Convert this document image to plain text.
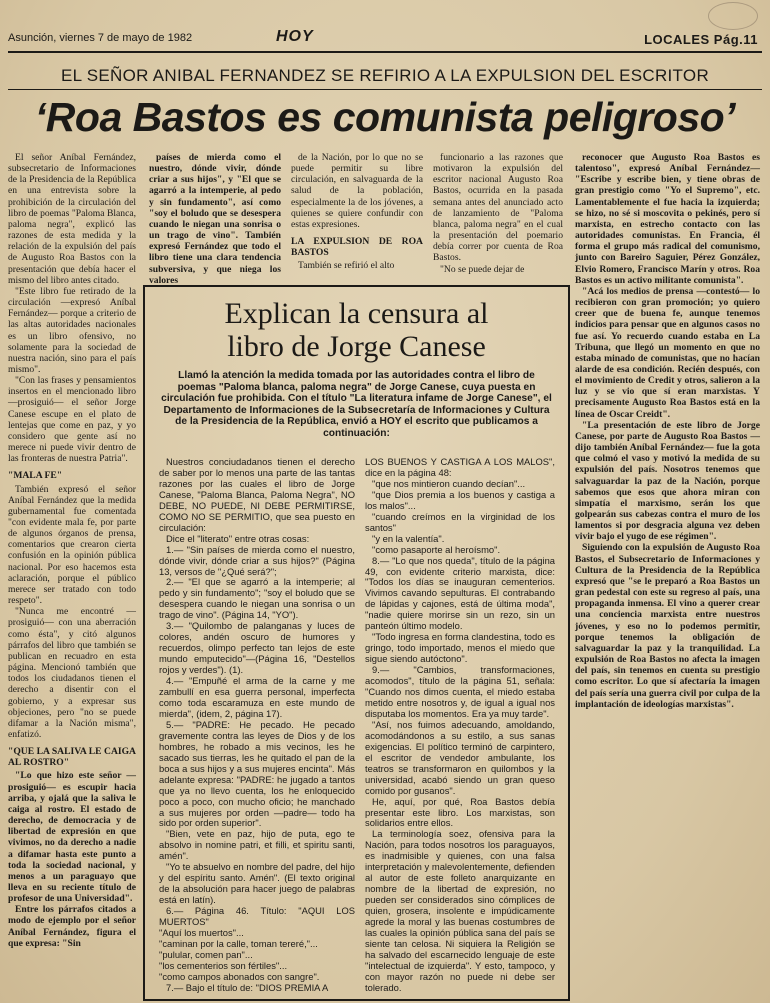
Asunción, viernes 7 de mayo de 1982	HOY	LOCALES Pág.11
EL SEÑOR ANIBAL FERNANDEZ SE REFIRIO A LA EXPULSION DEL ESCRITOR
‘Roa Bastos es comunista peligroso’

El señor Aníbal Fernández, subsecretario de Informaciones de la Presidencia de la República en una entrevista sobre la prohibición de la circulación del libro de poemas "Paloma Blanca, paloma negra", explicó las razones de esta medida y la relación de la expulsión del país de Augusto Roa Bastos con la presentación que debía hacer el mismo del libro antes citado.

"Este libro fue retirado de la circulación —expresó Aníbal Fernández— porque a criterio de las altas autoridades nacionales es un libro ofensivo, no solamente para la sociedad de nuestra nación, sino para el país mismo".

"Con las frases y pensamientos insertos en el mencionado libro —prosiguió— el señor Jorge Canese escupe en el plato de lentejas que come en paz, y yo considero que gente así no merece ni puede vivir dentro de las fronteras de nuestra Patria".

"MALA FE"

También expresó el señor Aníbal Fernández que la medida gubernamental fue comentada "con evidente mala fe, por parte de algunos órganos de prensa, comentarios que crearon cierta confusión en la opinión pública nacional. Por eso hacemos esta aclaración, porque el público merece ser tratado con todo respeto".

"Nunca me encontré —prosiguió— con una aberración como ésta", y citó algunos párrafos del libro que también se publican en recuadro en esta página. Mencionó también que todos los ciudadanos tienen el derecho a disentir con el gobierno, y a expresar sus objeciones, pero "no se puede difamar a la Nación misma", enfatizó.

"QUE LA SALIVA LE CAIGA AL ROSTRO"

"Lo que hizo este señor —prosiguió— es escupir hacia arriba, y ojalá que la saliva le caiga al rostro. El estado de derecho, de democracia y de libertad de expresión en que vivimos, no da derecho a nadie a difamar hasta este punto a toda la sociedad nacional, y menos a un paraguayo que lleva en su reciente título de profesor de una Universidad".

Entre los párrafos citados a modo de ejemplo por el señor Aníbal Fernández, figura el que expresa: "Sin

países de mierda como el nuestro, dónde vivir, dónde criar a sus hijos", y "El que se agarró a la intemperie, al pedo y sin fundamento", así como "soy el boludo que se desespera cuando le niegan una sonrisa o un trago de vino". También expresó Fernández que todo el libro tiene una clara tendencia subversiva, y que niega los valores

de la Nación, por lo que no se puede permitir su libre circulación, en salvaguarda de la salud de la población, especialmente la de los jóvenes, a quienes se quiere confundir con estas expresiones.

LA EXPULSION DE ROA BASTOS

También se refirió el alto

funcionario a las razones que motivaron la expulsión del escritor nacional Augusto Roa Bastos, ocurrida en la pasada semana antes del anunciado acto de lanzamiento de "Paloma blanca, paloma negra" en el cual la presentación del poemario debía correr por cuenta de Roa Bastos.

"No se puede dejar de

reconocer que Augusto Roa Bastos es talentoso", expresó Aníbal Fernández— "Escribe y escribe bien, y tiene obras de gran prestigio como "Yo el Supremo", etc. Lamentablemente el fue hacia la izquierda; se hizo, no sé si moscovita o pekinés, pero sí marxista, en estrecho contacto con las autoridades comunistas. En Francia, él forma el grupo más radical del comunismo, junto con Bareiro Saguier, Pérez González, Elvio Romero, Francisco Marín y otros. Roa Bastos es un activo militante comunista".

"Acá los medios de prensa —contestó— lo recibieron con gran promoción; yo quiero creer que de buena fe, aunque tenemos indicios para pensar que en algunos casos no fue así. Yo recuerdo cuando estaba en La Tribuna, que llegó un momento en que no estaba minado de comunistas, que no hacían alarde de esa condición. Recién después, con el movimiento de Credit y otros, salieron a la luz y se vio que sí eran marxistas. Y precisamente Augusto Roa Bastos está en la línea de Oscar Creidt".

"La presentación de este libro de Jorge Canese, por parte de Augusto Roa Bastos —dijo también Aníbal Fernández— fue la gota que colmó el vaso y motivó la medida de su expulsión del país. Nosotros tenemos que salvaguardar la paz de la Nación, porque sabemos que esos que ahora miran con simpatía el marxismo, serán los que golpearán sus cabezas contra el muro de los lamentos si por desgracia alguna vez deben vivir bajo el yugo de ese régimen".

Siguiendo con la expulsión de Augusto Roa Bastos, el Subsecretario de Informaciones y Cultura de la Presidencia de la República expresó que "se le preparó a Roa Bastos un gran pedestal con este su regreso al país, una propaganda inmensa. El vino a querer crear una conciencia marxista entre nuestros jóvenes, y eso no lo podemos permitir, porque tenemos la obligación de salvaguardar la paz y la tranquilidad. La expulsión de Roa Bastos no afecta la imagen del país, sin tenemos en cuenta su prestigio como escritor. Lo que sí afectaría la imagen del país sería una guerra civil por culpa de la implantación de ideologías marxistas".

Explican la censura al
libro de Jorge Canese
Llamó la atención la medida tomada por las autoridades contra el libro de poemas "Paloma blanca, paloma negra" de Jorge Canese, cuya puesta en circulación fue prohibida. Con el título "La literatura infame de Jorge Canese", el Departamento de Informaciones de la Subsecretaría de Informaciones y Cultura de la Presidencia de la República, envió a HOY el escrito que publicamos a continuación:

Nuestros conciudadanos tienen el derecho de saber por lo menos una parte de las tantas razones por las cuales el libro de Jorge Canese, "Paloma Blanca, Paloma Negra", NO DEBE, NO PUEDE, NI DEBE PERMITIRSE, COMO NO SE PERMITIO, que sea puesto en circulación:

Dice el "literato" entre otras cosas:

1.— "Sin países de mierda como el nuestro, dónde vivir, dónde criar a sus hijos?" (Página 13, versos de "¿Qué será?";

2.— "El que se agarró a la intemperie; al pedo y sin fundamento"; "soy el boludo que se desespera cuando le niegan una sonrisa o un trago de vino". (Página 14, "YO").

3.— "Quilombo de palanganas y luces de colores, andén oscuro de humores y recuerdos, olimpo perfecto tan lejos de este mundo emputecido"—(Página 16, "Destellos rojos y verdes"). (1).

4.— "Empuñé el arma de la carne y me zambullí en esa guerra personal, imperfecta como toda escaramuza en este mundo de mierda", (idem, 2, página 17).

5.— "PADRE: He pecado. He pecado gravemente contra las leyes de Dios y de los hombres, he robado a mis vecinos, les he sacado sus tierras, les he quitado el pan de la boca a sus hijos y a sus mujeres encinta". Más adelante expresa: "PADRE: he jugado a tantos que ya no llevo cuenta, los he enloquecido poco a poco, con mucho oficio; he manchado a sus mujeres por orden —padre— todo ha sido por orden superior".

"Bien, vete en paz, hijo de puta, ego te absolvo in nomine patri, et filli, et spiritu santi, amén".

"Yo te absuelvo en nombre del padre, del hijo y del espíritu santo. Amén". (El texto original de la absolución para hacer juego de palabras está en latín).

6.— Página 46. Título: "AQUI LOS MUERTOS"

"Aquí los muertos"...

"caminan por la calle, toman tereré,"...

"pulular, comen pan"...

"los cementerios son fértiles"...

"como campos abonados con sangre".

7.— Bajo el título de: "DIOS PREMIA A

LOS BUENOS Y CASTIGA A LOS MALOS", dice en la página 48:

"que nos mintieron cuando decían"...

"que Dios premia a los buenos y castiga a los malos"...

"cuando creímos en la virginidad de los santos"

"y en la valentía".

"como pasaporte al heroísmo".

8.— "Lo que nos queda", título de la página 49, con evidente criterio marxista, dice: "Todos los días se inauguran cementerios. Vivimos cavando sepulturas. El contrabando de lápidas y cajones, está de última moda", "nadie quiere morirse sin un rezo, sin un panteón último modelo.

"Todo ingresa en forma clandestina, todo es gringo, todo importado, menos el miedo que sigue siendo autóctono".

9.— "Cambios, transformaciones, acomodos", título de la página 51, señala: "Cuando nos dimos cuenta, el miedo estaba metido entre nosotros y, de igual a igual nos disputaba los momentos. Era ya muy tarde".

"Así, nos fuimos adecuando, amoldando, acomodándonos a su estilo, a sus sanas exigencias. El político terminó de carpintero, el escritor de vendedor ambulante, los teatros se transformaron en quilombos y la universidad, acabó siendo un gran queso comido por gusanos".

He, aquí, por qué, Roa Bastos debía presentar este libro. Los marxistas, son solidarios entre ellos.

La terminología soez, ofensiva para la Nación, para todos nosotros los paraguayos, es inadmisible y quienes, con una falsa interpretación y malevolentemente, defienden al autor de este folleto anarquizante en nombre de la libertad de expresión, no pueden ser considerados sino cómplices de quien, grosera, insolente e impúdicamente agrede la moral y las buenas costumbres de las cuales la opinión pública sana del país se siente tan celosa. Ni siquiera la Religión se ha salvado del escarnecido lenguaje de este "intelectual de izquierda". Y esto, tampoco, y con mayor razón no puede ni debe ser tolerado.
